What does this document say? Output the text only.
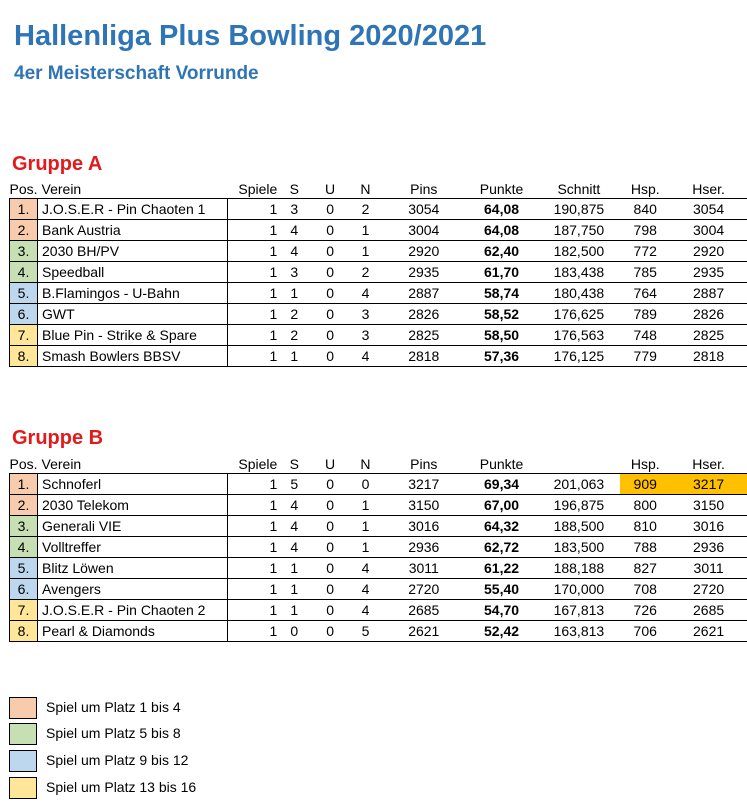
Hallenliga Plus Bowling 2020/2021
4er Meisterschaft Vorrunde
Gruppe A
Pos.	Verein	Spiele	S	U	N	Pins	Punkte	Schnitt	Hsp.	Hser.
1.	J.O.S.E.R - Pin Chaoten 1	1	3	0	2	3054	64,08	190,875	840	3054
2.	Bank Austria	1	4	0	1	3004	64,08	187,750	798	3004
3.	2030 BH/PV	1	4	0	1	2920	62,40	182,500	772	2920
4.	Speedball	1	3	0	2	2935	61,70	183,438	785	2935
5.	B.Flamingos - U-Bahn	1	1	0	4	2887	58,74	180,438	764	2887
6.	GWT	1	2	0	3	2826	58,52	176,625	789	2826
7.	Blue Pin - Strike & Spare	1	2	0	3	2825	58,50	176,563	748	2825
8.	Smash Bowlers BBSV	1	1	0	4	2818	57,36	176,125	779	2818
Gruppe B
Pos.	Verein	Spiele	S	U	N	Pins	Punkte		Hsp.	Hser.
1.	Schnoferl	1	5	0	0	3217	69,34	201,063	909	3217
2.	2030 Telekom	1	4	0	1	3150	67,00	196,875	800	3150
3.	Generali VIE	1	4	0	1	3016	64,32	188,500	810	3016
4.	Volltreffer	1	4	0	1	2936	62,72	183,500	788	2936
5.	Blitz Löwen	1	1	0	4	3011	61,22	188,188	827	3011
6.	Avengers	1	1	0	4	2720	55,40	170,000	708	2720
7.	J.O.S.E.R - Pin Chaoten 2	1	1	0	4	2685	54,70	167,813	726	2685
8.	Pearl & Diamonds	1	0	0	5	2621	52,42	163,813	706	2621
Spiel um Platz 1 bis 4
Spiel um Platz 5 bis 8
Spiel um Platz 9 bis 12
Spiel um Platz 13 bis 16
